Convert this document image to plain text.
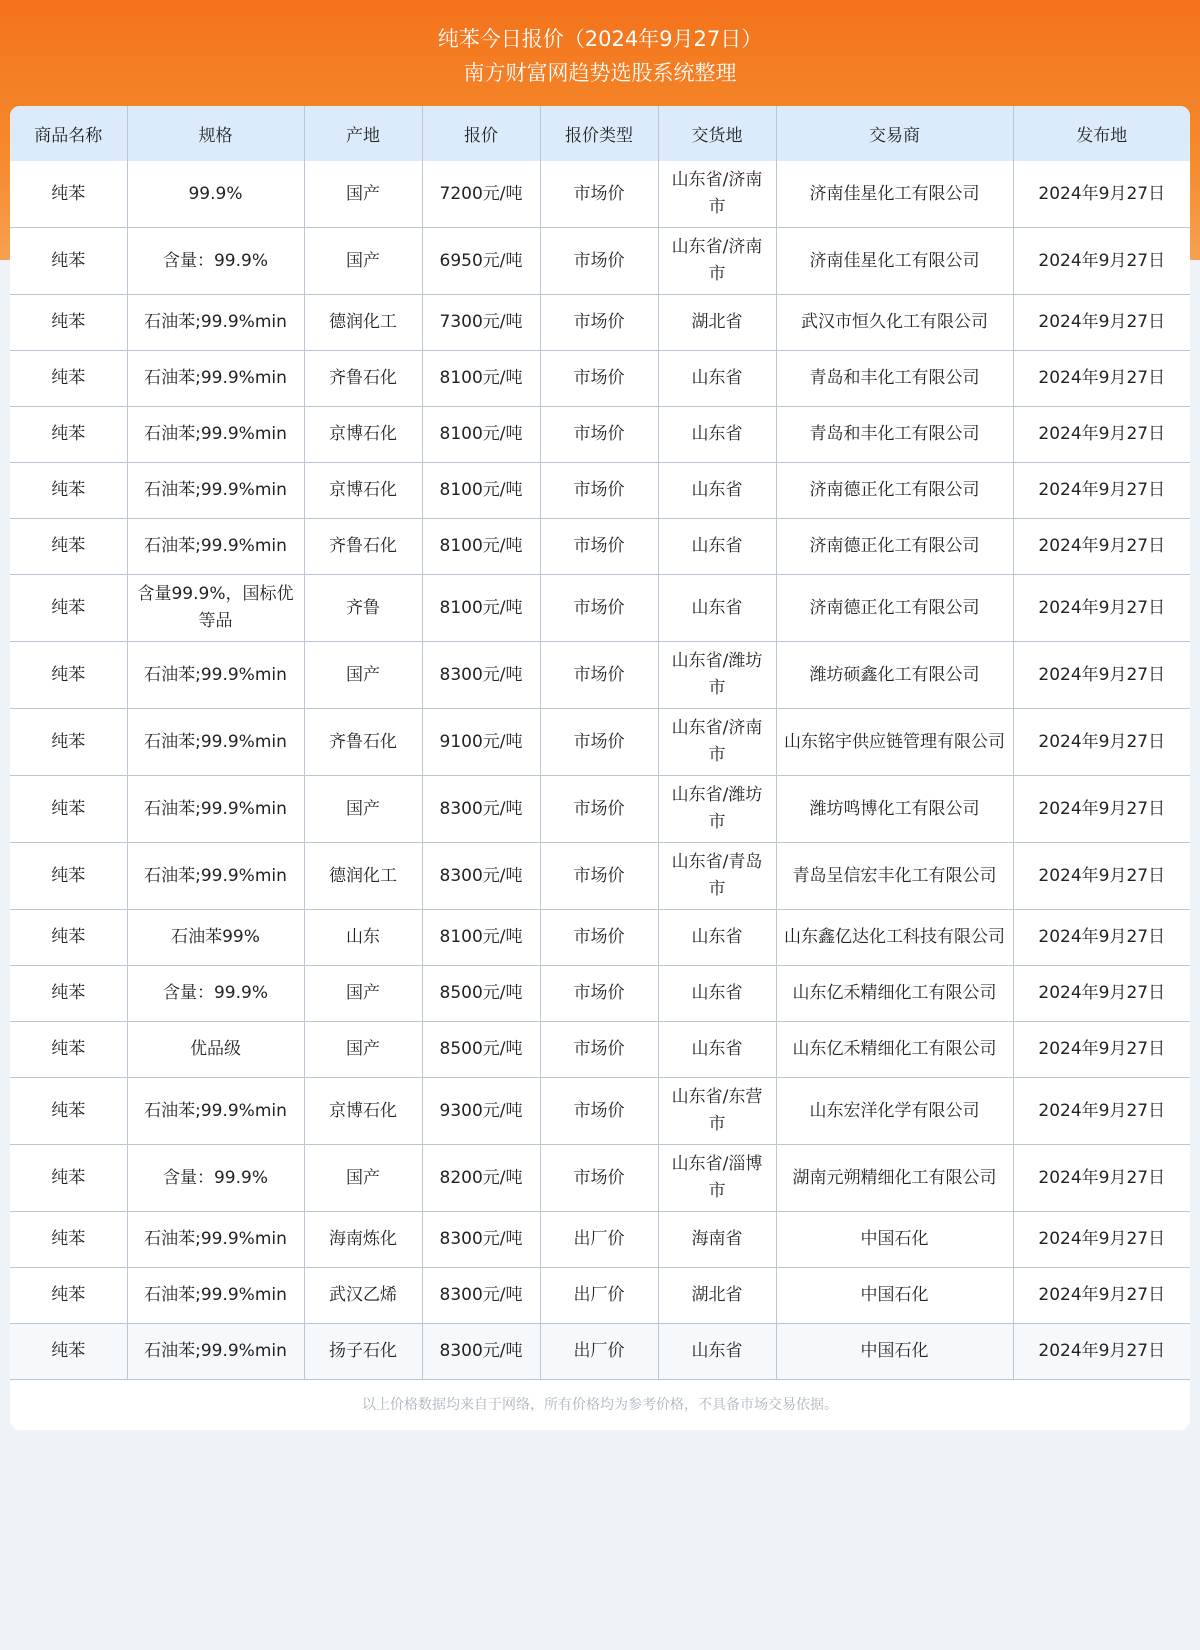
纯苯今日报价（2024年9月27日）
南方财富网趋势选股系统整理
商品名称	规格	产地	报价	报价类型	交货地	交易商	发布地
纯苯	99.9%	国产	7200元/吨	市场价	山东省/济南市	济南佳星化工有限公司	2024年9月27日
纯苯	含量：99.9%	国产	6950元/吨	市场价	山东省/济南市	济南佳星化工有限公司	2024年9月27日
纯苯	石油苯;99.9%min	德润化工	7300元/吨	市场价	湖北省	武汉市恒久化工有限公司	2024年9月27日
纯苯	石油苯;99.9%min	齐鲁石化	8100元/吨	市场价	山东省	青岛和丰化工有限公司	2024年9月27日
纯苯	石油苯;99.9%min	京博石化	8100元/吨	市场价	山东省	青岛和丰化工有限公司	2024年9月27日
纯苯	石油苯;99.9%min	京博石化	8100元/吨	市场价	山东省	济南德正化工有限公司	2024年9月27日
纯苯	石油苯;99.9%min	齐鲁石化	8100元/吨	市场价	山东省	济南德正化工有限公司	2024年9月27日
纯苯	含量99.9%，国标优等品	齐鲁	8100元/吨	市场价	山东省	济南德正化工有限公司	2024年9月27日
纯苯	石油苯;99.9%min	国产	8300元/吨	市场价	山东省/潍坊市	潍坊硕鑫化工有限公司	2024年9月27日
纯苯	石油苯;99.9%min	齐鲁石化	9100元/吨	市场价	山东省/济南市	山东铭宇供应链管理有限公司	2024年9月27日
纯苯	石油苯;99.9%min	国产	8300元/吨	市场价	山东省/潍坊市	潍坊鸣博化工有限公司	2024年9月27日
纯苯	石油苯;99.9%min	德润化工	8300元/吨	市场价	山东省/青岛市	青岛呈信宏丰化工有限公司	2024年9月27日
纯苯	石油苯99%	山东	8100元/吨	市场价	山东省	山东鑫亿达化工科技有限公司	2024年9月27日
纯苯	含量：99.9%	国产	8500元/吨	市场价	山东省	山东亿禾精细化工有限公司	2024年9月27日
纯苯	优品级	国产	8500元/吨	市场价	山东省	山东亿禾精细化工有限公司	2024年9月27日
纯苯	石油苯;99.9%min	京博石化	9300元/吨	市场价	山东省/东营市	山东宏洋化学有限公司	2024年9月27日
纯苯	含量：99.9%	国产	8200元/吨	市场价	山东省/淄博市	湖南元朔精细化工有限公司	2024年9月27日
纯苯	石油苯;99.9%min	海南炼化	8300元/吨	出厂价	海南省	中国石化	2024年9月27日
纯苯	石油苯;99.9%min	武汉乙烯	8300元/吨	出厂价	湖北省	中国石化	2024年9月27日
纯苯	石油苯;99.9%min	扬子石化	8300元/吨	出厂价	山东省	中国石化	2024年9月27日
以上价格数据均来自于网络，所有价格均为参考价格，不具备市场交易依据。
